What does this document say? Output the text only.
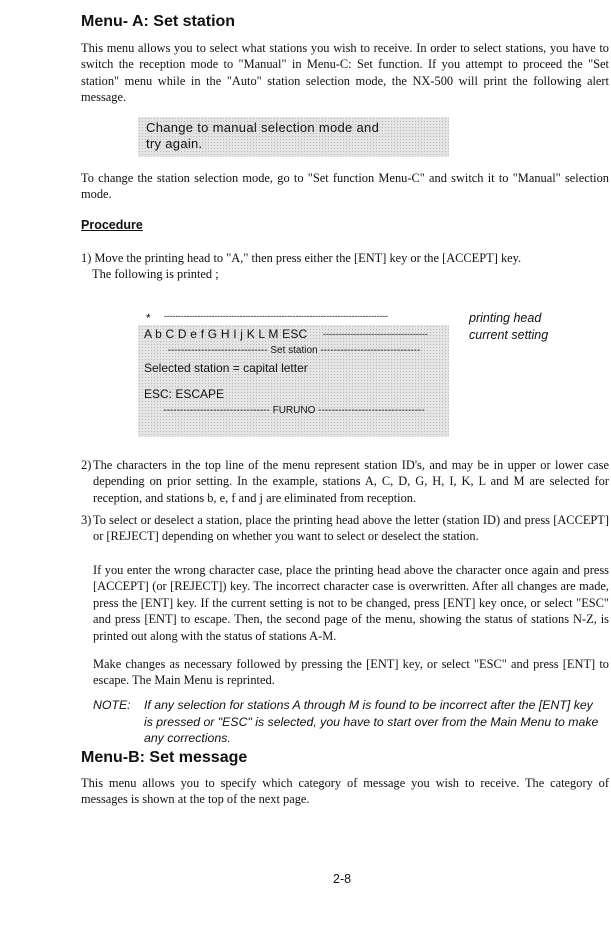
Menu- A: Set station
This menu allows you to select what stations you wish to receive. In order to select stations, you have to switch the reception mode to "Manual" in Menu-C: Set function. If you attempt to proceed the "Set station" menu while in the "Auto" station selection mode, the NX-500 will print the following alert message.
Change to manual selection mode and
try again.
To change the station selection mode, go to "Set function Menu-C" and switch it to "Manual" selection mode.
Procedure
1) Move the printing head to "A," then press either the [ENT] key or the [ACCEPT] key.
The following is printed ;
* --------------------------------------------------------------------------------	printing head
A b C D e f G H I j K L M ESC
------------------------------ Set station ------------------------------
Selected station = capital letter
ESC: ESCAPE
-------------------------------- FURUNO --------------------------------
-----------------------------------	current setting
2) The characters in the top line of the menu represent station ID's, and may be in upper or lower case depending on prior setting. In the example, stations A, C, D, G, H, I, K, L and M are selected for reception, and stations b, e, f and j are eliminated from reception.
3) To select or deselect a station, place the printing head above the letter (station ID) and press [ACCEPT] or [REJECT] depending on whether you want to select or deselect the station.
If you enter the wrong character case, place the printing head above the character once again and press [ACCEPT] (or [REJECT]) key. The incorrect character case is overwritten. After all changes are made, press the [ENT] key. If the current setting is not to be changed, press [ENT] key once, or select "ESC" and press [ENT] to escape. Then, the second page of the menu, showing the status of stations N-Z, is printed out along with the status of stations A-M.
Make changes as necessary followed by pressing the [ENT] key, or select "ESC" and press [ENT] to escape. The Main Menu is reprinted.
NOTE: If any selection for stations A through M is found to be incorrect after the [ENT] key is pressed or "ESC" is selected, you have to start over from the Main Menu to make any corrections.
Menu-B: Set message
This menu allows you to specify which category of message you wish to receive. The category of messages is shown at the top of the next page.
2-8
